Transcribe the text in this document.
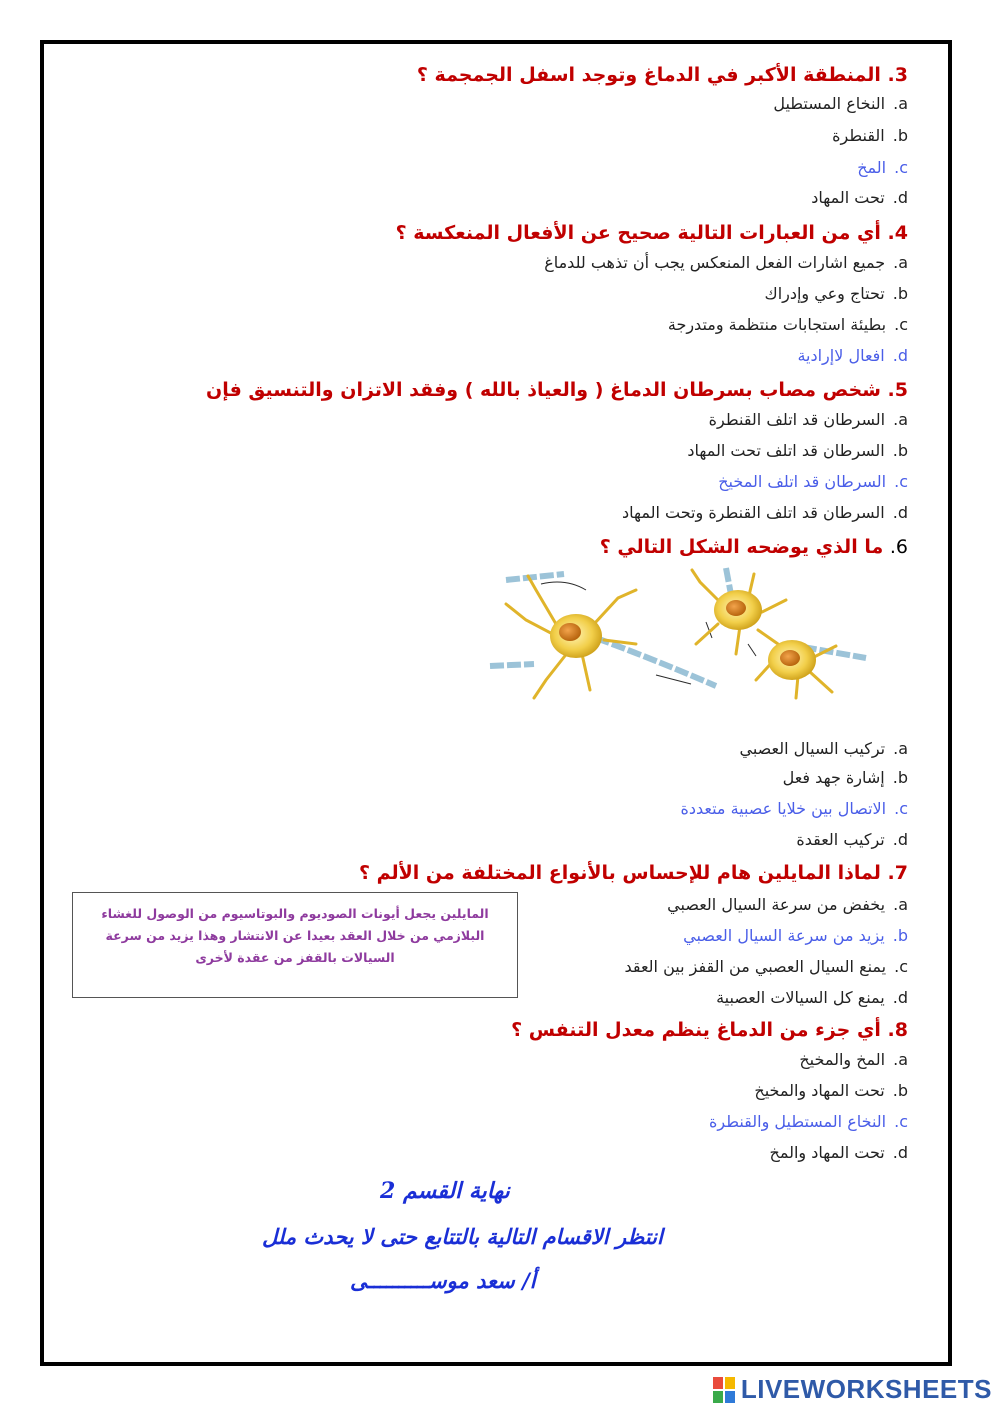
3. المنطقة الأكبر في الدماغ وتوجد اسفل الجمجمة ؟
a.النخاع المستطيل
b.القنطرة
c.المخ
d.تحت المهاد
4. أي من العبارات التالية صحيح عن الأفعال المنعكسة ؟
a.جميع اشارات الفعل المنعكس يجب أن تذهب للدماغ
b.تحتاج وعي وإدراك
c.بطيئة استجابات منتظمة ومتدرجة
d.افعال لاإرادية
5. شخص مصاب بسرطان الدماغ ( والعياذ بالله ) وفقد الاتزان والتنسيق فإن
a.السرطان قد اتلف القنطرة
b.السرطان قد اتلف تحت المهاد
c.السرطان قد اتلف المخيخ
d.السرطان قد اتلف القنطرة وتحت المهاد
6. ما الذي يوضحه الشكل التالي ؟
a.تركيب السيال العصبي
b.إشارة جهد فعل
c.الاتصال بين خلايا عصبية متعددة
d.تركيب العقدة
7. لماذا المايلين هام للإحساس بالأنواع المختلفة من الألم ؟
a.يخفض من سرعة السيال العصبي
b.يزيد من سرعة السيال العصبي
c.يمنع السيال العصبي من القفز بين العقد
d.يمنع كل السيالات العصبية
المايلين يجعل أيونات الصوديوم والبوتاسيوم من الوصول للغشاء البلازمي من خلال العقد بعيدا عن الانتشار وهذا يزيد من سرعة السيالات بالقفز من عقدة لأخرى
8. أي جزء من الدماغ ينظم معدل التنفس ؟
a.المخ والمخيخ
b.تحت المهاد والمخيخ
c.النخاع المستطيل والقنطرة
d.تحت المهاد والمخ
نهاية القسم 2
انتظر الاقسام التالية بالتتابع حتى لا يحدث ملل
أ/ سعد موســــــــــى
LIVEWORKSHEETS
